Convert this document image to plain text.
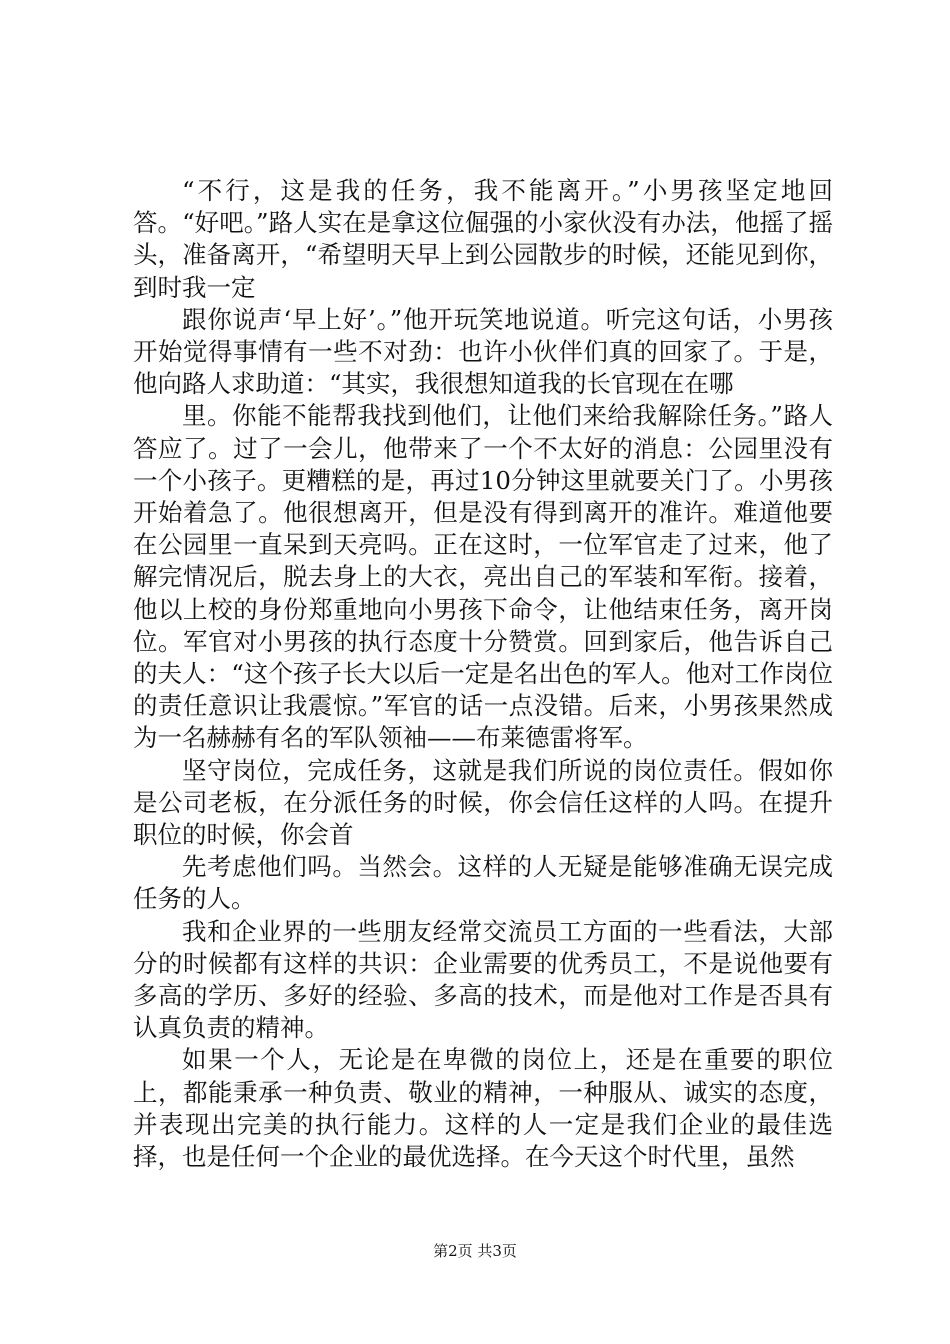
“不行，这是我的任务，我不能离开。”小男孩坚定地回答。“好吧。”路人实在是拿这位倔强的小家伙没有办法，他摇了摇头，准备离开，“希望明天早上到公园散步的时候，还能见到你，到时我一定

跟你说声‘早上好’。”他开玩笑地说道。听完这句话，小男孩开始觉得事情有一些不对劲：也许小伙伴们真的回家了。于是，他向路人求助道：“其实，我很想知道我的长官现在在哪

里。你能不能帮我找到他们，让他们来给我解除任务。”路人答应了。过了一会儿，他带来了一个不太好的消息：公园里没有一个小孩子。更糟糕的是，再过10分钟这里就要关门了。小男孩开始着急了。他很想离开，但是没有得到离开的准许。难道他要在公园里一直呆到天亮吗。正在这时，一位军官走了过来，他了解完情况后，脱去身上的大衣，亮出自己的军装和军衔。接着，他以上校的身份郑重地向小男孩下命令，让他结束任务，离开岗位。军官对小男孩的执行态度十分赞赏。回到家后，他告诉自己的夫人：“这个孩子长大以后一定是名出色的军人。他对工作岗位的责任意识让我震惊。”军官的话一点没错。后来，小男孩果然成为一名赫赫有名的军队领袖——布莱德雷将军。

坚守岗位，完成任务，这就是我们所说的岗位责任。假如你是公司老板，在分派任务的时候，你会信任这样的人吗。在提升职位的时候，你会首

先考虑他们吗。当然会。这样的人无疑是能够准确无误完成任务的人。

我和企业界的一些朋友经常交流员工方面的一些看法，大部分的时候都有这样的共识：企业需要的优秀员工，不是说他要有多高的学历、多好的经验、多高的技术，而是他对工作是否具有认真负责的精神。

如果一个人，无论是在卑微的岗位上，还是在重要的职位上，都能秉承一种负责、敬业的精神，一种服从、诚实的态度，并表现出完美的执行能力。这样的人一定是我们企业的最佳选择，也是任何一个企业的最优选择。在今天这个时代里，虽然

第2页 共3页
